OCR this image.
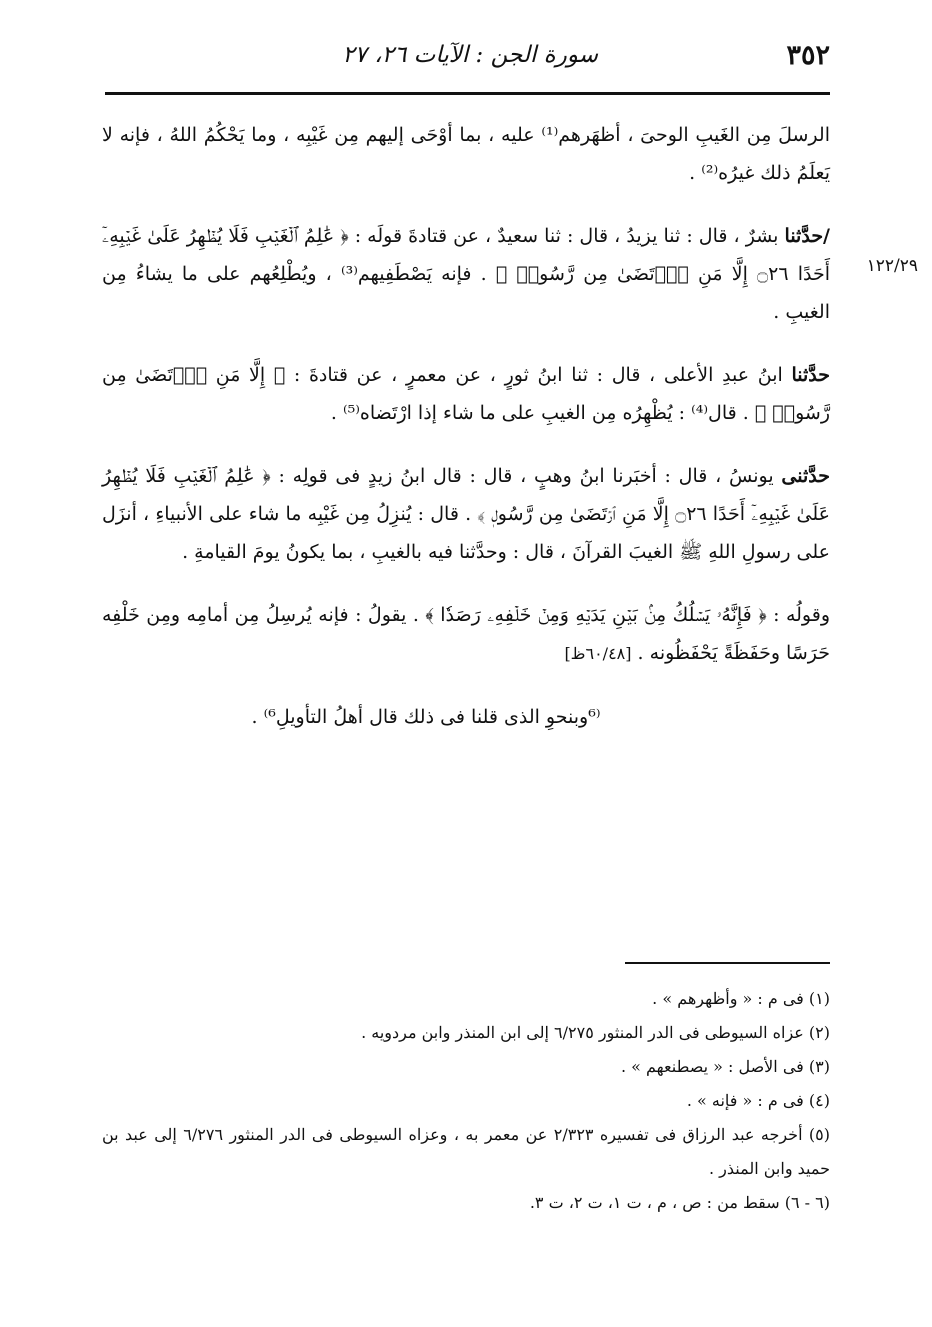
٣٥٢
سورة الجن : الآيات ٢٦، ٢٧
١٢٢/٢٩

الرسلَ مِن الغَيبِ الوحىَ ، أظهَرهم⁽¹⁾ عليه ، بما أوْحَى إليهم مِن غَيْبِه ، وما يَحْكُمُ اللهُ ، فإنه لا يَعلَمُ ذلك غيرُه⁽²⁾ .

/حدَّثنا بشرٌ ، قال : ثنا يزيدُ ، قال : ثنا سعيدٌ ، عن قتادةَ قولَه : ﴿ عَٰلِمُ ٱلۡغَيۡبِ فَلَا يُظۡهِرُ عَلَىٰ غَيۡبِهِۦٓ أَحَدًا ۝٢٦ إِلَّا مَنِ ٱرۡتَضَىٰ مِن رَّسُولٖ ﴾ . فإنه يَصْطَفِيهم⁽³⁾ ، ويُطْلِعُهم على ما يشاءُ مِن الغيبِ .

حدَّثنا ابنُ عبدِ الأعلى ، قال : ثنا ابنُ ثورٍ ، عن معمرٍ ، عن قتادةَ : ﴿ إِلَّا مَنِ ٱرۡتَضَىٰ مِن رَّسُولٖ ﴾ . قال⁽⁴⁾ : يُظْهِرُه مِن الغيبِ على ما شاء إذا ارْتَضاه⁽⁵⁾ .

حدَّثنى يونسُ ، قال : أخبَرنا ابنُ وهبٍ ، قال : قال ابنُ زيدٍ فى قولِه : ﴿ عَٰلِمُ ٱلۡغَيۡبِ فَلَا يُظۡهِرُ عَلَىٰ غَيۡبِهِۦٓ أَحَدًا ۝٢٦ إِلَّا مَنِ ٱرۡتَضَىٰ مِن رَّسُولٖ ﴾ . قال : يُنزِلُ مِن غَيْبِه ما شاء على الأنبياءِ ، أنزَل على رسولِ اللهِ ﷺ الغيبَ القرآنَ ، قال : وحدَّثنا فيه بالغيبِ ، بما يكونُ يومَ القيامةِ .

وقولُه : ﴿ فَإِنَّهُۥ يَسۡلُكُ مِنۢ بَيۡنِ يَدَيۡهِ وَمِنۡ خَلۡفِهِۦ رَصَدٗا ﴾ . يقولُ : فإنه يُرسِلُ مِن أمامِه ومِن خَلْفِه حَرَسًا وحَفَظَةً يَحْفَظُونه . [٦٠/٤٨ظ]

⁽⁶وبنحوِ الذى قلنا فى ذلك قال أهلُ التأويلِ⁶⁾ .

(١) فى م : « وأظهرهم » .

(٢) عزاه السيوطى فى الدر المنثور ٦/٢٧٥ إلى ابن المنذر وابن مردويه .

(٣) فى الأصل : « يصطنعهم » .

(٤) فى م : « فإنه » .

(٥) أخرجه عبد الرزاق فى تفسيره ٢/٣٢٣ عن معمر به ، وعزاه السيوطى فى الدر المنثور ٦/٢٧٦ إلى عبد بن حميد وابن المنذر .

(٦ - ٦) سقط من : ص ، م ، ت ١، ت ٢، ت ٣.
